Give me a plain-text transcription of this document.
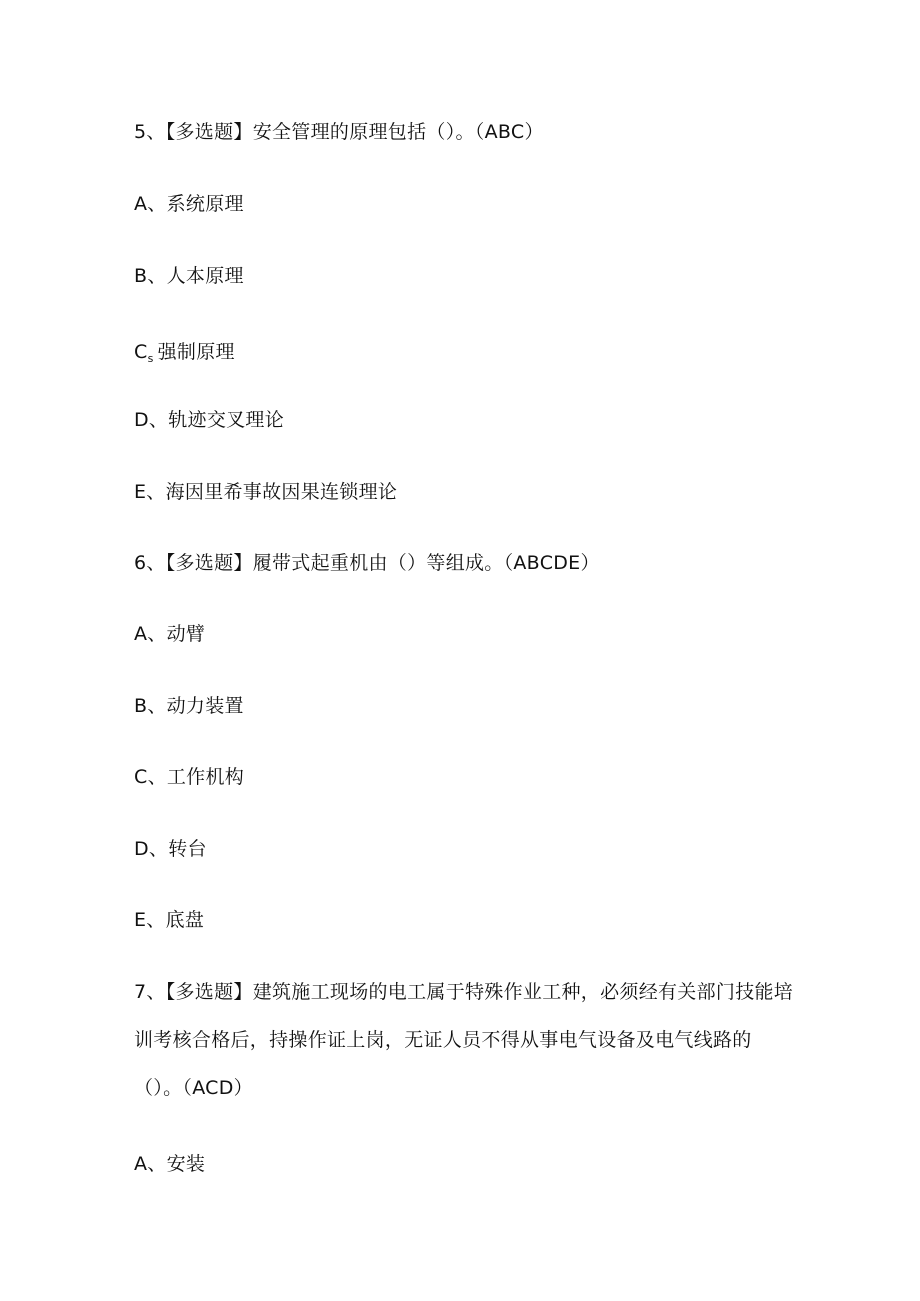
5、【多选题】安全管理的原理包括（）。（ABC）
A、系统原理
B、人本原理
$C_s$ 强制原理
D、轨迹交叉理论
E、海因里希事故因果连锁理论
6、【多选题】履带式起重机由（）等组成。（ABCDE）
A、动臂
B、动力装置
C、工作机构
D、转台
E、底盘
7、【多选题】建筑施工现场的电工属于特殊作业工种，必须经有关部门技能培训考核合格后，持操作证上岗，无证人员不得从事电气设备及电气线路的（）。（ACD）
A、安装
